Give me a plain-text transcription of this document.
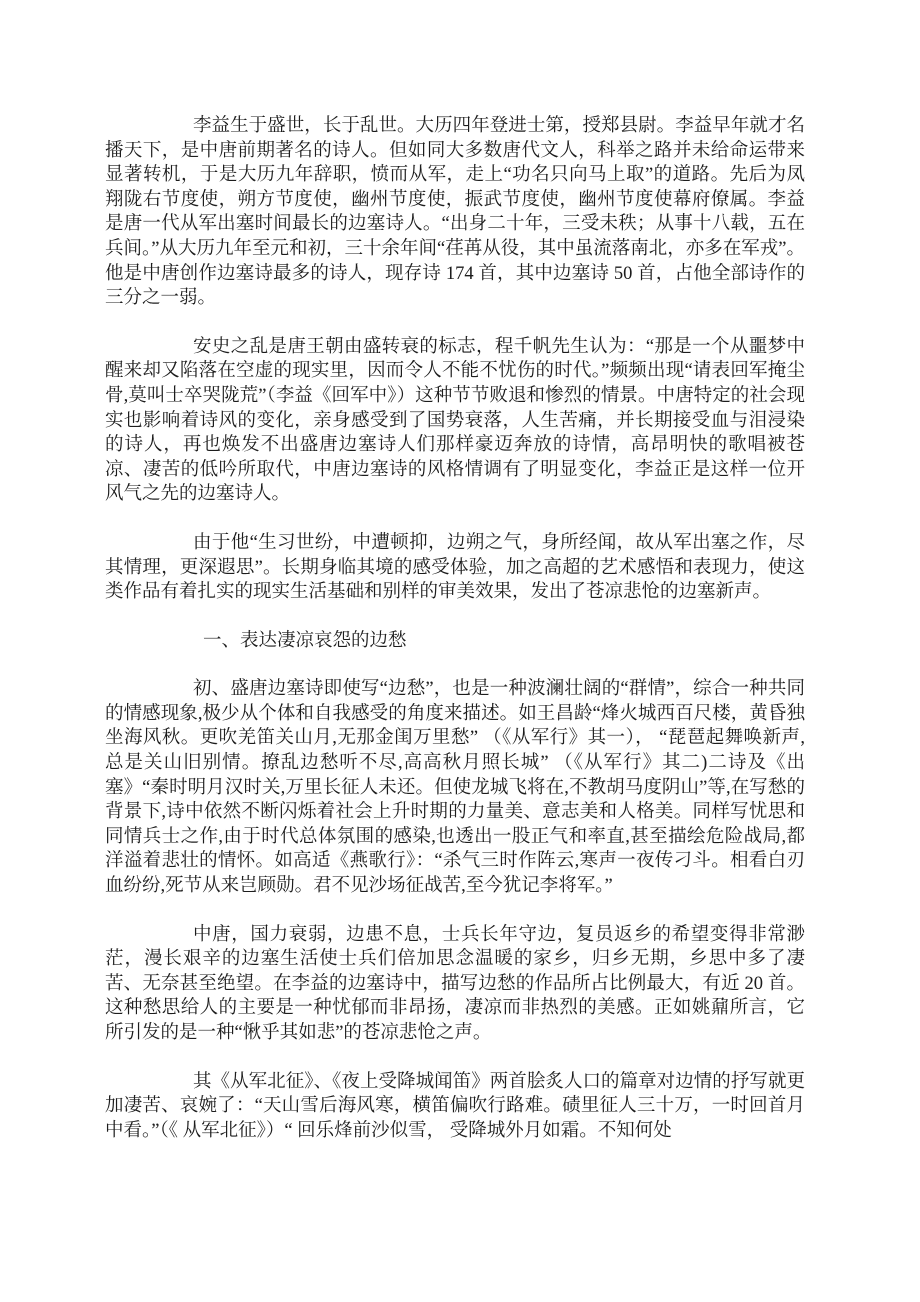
李益生于盛世，长于乱世。大历四年登进士第，授郑县尉。李益早年就才名播天下，是中唐前期著名的诗人。但如同大多数唐代文人，科举之路并未给命运带来显著转机，于是大历九年辞职，愤而从军，走上“功名只向马上取”的道路。先后为凤翔陇右节度使，朔方节度使，幽州节度使，振武节度使，幽州节度使幕府僚属。李益是唐一代从军出塞时间最长的边塞诗人。“出身二十年，三受未秩；从事十八载，五在兵间。”从大历九年至元和初，三十余年间“荏苒从役，其中虽流落南北，亦多在军戎”。他是中唐创作边塞诗最多的诗人，现存诗 174 首，其中边塞诗 50 首，占他全部诗作的三分之一弱。

安史之乱是唐王朝由盛转衰的标志，程千帆先生认为：“那是一个从噩梦中醒来却又陷落在空虚的现实里，因而令人不能不忧伤的时代。”频频出现“请表回军掩尘骨,莫叫士卒哭陇荒”（李益《回军中》）这种节节败退和惨烈的情景。中唐特定的社会现实也影响着诗风的变化，亲身感受到了国势衰落，人生苦痛，并长期接受血与泪浸染的诗人，再也焕发不出盛唐边塞诗人们那样豪迈奔放的诗情，高昂明快的歌唱被苍凉、凄苦的低吟所取代，中唐边塞诗的风格情调有了明显变化，李益正是这样一位开风气之先的边塞诗人。

由于他“生习世纷，中遭顿抑，边朔之气，身所经闻，故从军出塞之作，尽其情理，更深遐思”。长期身临其境的感受体验，加之高超的艺术感悟和表现力，使这类作品有着扎实的现实生活基础和别样的审美效果，发出了苍凉悲怆的边塞新声。

一、表达凄凉哀怨的边愁

初、盛唐边塞诗即使写“边愁”，也是一种波澜壮阔的“群情”，综合一种共同的情感现象,极少从个体和自我感受的角度来描述。如王昌龄“烽火城西百尺楼，黄昏独坐海风秋。更吹羌笛关山月,无那金闺万里愁” （《从军行》其一）， “琵琶起舞唤新声,总是关山旧别情。撩乱边愁听不尽,高高秋月照长城” （《从军行》其二)二诗及《出塞》“秦时明月汉时关,万里长征人未还。但使龙城飞将在,不教胡马度阴山”等,在写愁的背景下,诗中依然不断闪烁着社会上升时期的力量美、意志美和人格美。同样写忧思和同情兵士之作,由于时代总体氛围的感染,也透出一股正气和率直,甚至描绘危险战局,都洋溢着悲壮的情怀。如高适《燕歌行》：“杀气三时作阵云,寒声一夜传刁斗。相看白刃血纷纷,死节从来岂顾勋。君不见沙场征战苦,至今犹记李将军。”

中唐，国力衰弱，边患不息，士兵长年守边，复员返乡的希望变得非常渺茫，漫长艰辛的边塞生活使士兵们倍加思念温暖的家乡，归乡无期，乡思中多了凄苦、无奈甚至绝望。在李益的边塞诗中，描写边愁的作品所占比例最大，有近 20 首。这种愁思给人的主要是一种忧郁而非昂扬，凄凉而非热烈的美感。正如姚鼐所言，它所引发的是一种“愀乎其如悲”的苍凉悲怆之声。

其《从军北征》、《夜上受降城闻笛》两首脍炙人口的篇章对边情的抒写就更加凄苦、哀婉了：“天山雪后海风寒，横笛偏吹行路难。碛里征人三十万，一时回首月中看。”（《 从军北征》）“ 回乐烽前沙似雪， 受降城外月如霜。不知何处
